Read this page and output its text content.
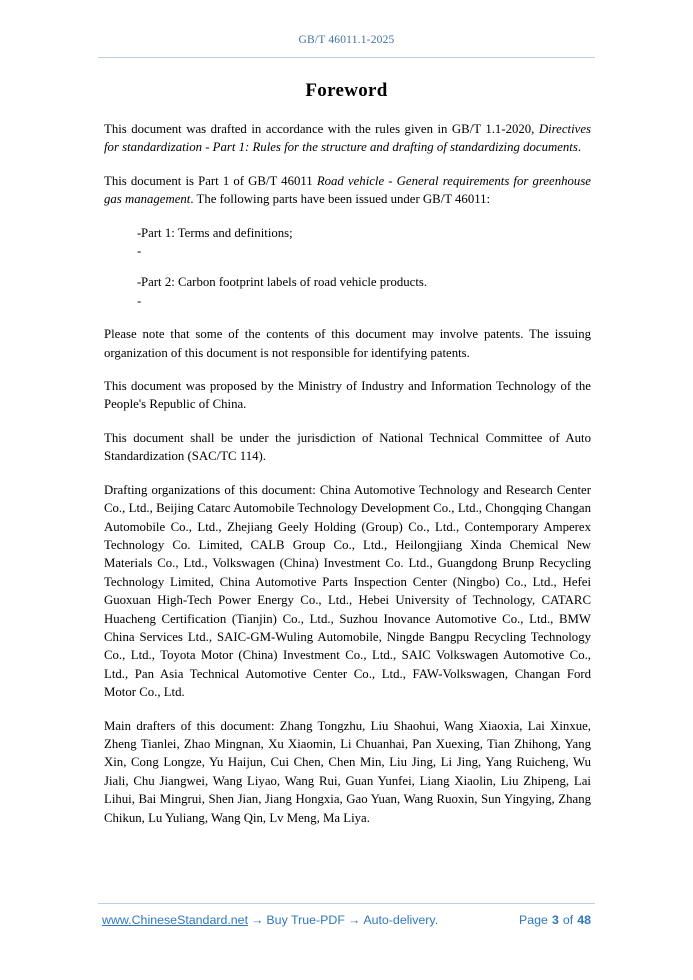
GB/T 46011.1-2025
Foreword

This document was drafted in accordance with the rules given in GB/T 1.1-2020, Directives for standardization - Part 1: Rules for the structure and drafting of standardizing documents.

This document is Part 1 of GB/T 46011 Road vehicle - General requirements for greenhouse gas management. The following parts have been issued under GB/T 46011:

--
Part 1: Terms and definitions;
--
Part 2: Carbon footprint labels of road vehicle products.

Please note that some of the contents of this document may involve patents. The issuing organization of this document is not responsible for identifying patents.

This document was proposed by the Ministry of Industry and Information Technology of the People's Republic of China.

This document shall be under the jurisdiction of National Technical Committee of Auto Standardization (SAC/TC 114).

Drafting organizations of this document: China Automotive Technology and Research Center Co., Ltd., Beijing Catarc Automobile Technology Development Co., Ltd., Chongqing Changan Automobile Co., Ltd., Zhejiang Geely Holding (Group) Co., Ltd., Contemporary Amperex Technology Co. Limited, CALB Group Co., Ltd., Heilongjiang Xinda Chemical New Materials Co., Ltd., Volkswagen (China) Investment Co. Ltd., Guangdong Brunp Recycling Technology Limited, China Automotive Parts Inspection Center (Ningbo) Co., Ltd., Hefei Guoxuan High-Tech Power Energy Co., Ltd., Hebei University of Technology, CATARC Huacheng Certification (Tianjin) Co., Ltd., Suzhou Inovance Automotive Co., Ltd., BMW China Services Ltd., SAIC-GM-Wuling Automobile, Ningde Bangpu Recycling Technology Co., Ltd., Toyota Motor (China) Investment Co., Ltd., SAIC Volkswagen Automotive Co., Ltd., Pan Asia Technical Automotive Center Co., Ltd., FAW-Volkswagen, Changan Ford Motor Co., Ltd.

Main drafters of this document: Zhang Tongzhu, Liu Shaohui, Wang Xiaoxia, Lai Xinxue, Zheng Tianlei, Zhao Mingnan, Xu Xiaomin, Li Chuanhai, Pan Xuexing, Tian Zhihong, Yang Xin, Cong Longze, Yu Haijun, Cui Chen, Chen Min, Liu Jing, Li Jing, Yang Ruicheng, Wu Jiali, Chu Jiangwei, Wang Liyao, Wang Rui, Guan Yunfei, Liang Xiaolin, Liu Zhipeng, Lai Lihui, Bai Mingrui, Shen Jian, Jiang Hongxia, Gao Yuan, Wang Ruoxin, Sun Yingying, Zhang Chikun, Lu Yuliang, Wang Qin, Lv Meng, Ma Liya.

www.ChineseStandard.net → Buy True-PDF → Auto-delivery.	Page 3 of 48
